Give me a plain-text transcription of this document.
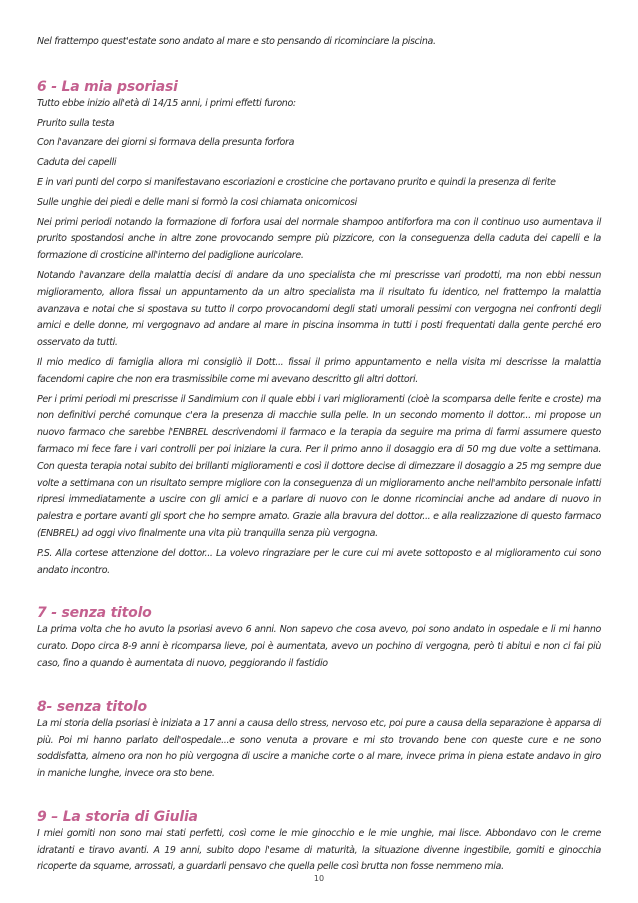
Nel frattempo quest'estate sono andato al mare e sto pensando di ricominciare la piscina.

6 - La mia psoriasi

Tutto ebbe inizio all'età di 14/15 anni, i primi effetti furono:

Prurito sulla testa

Con l'avanzare dei giorni si formava della presunta forfora

Caduta dei capelli

E in vari punti del corpo si manifestavano escoriazioni e crosticine che portavano prurito e quindi la presenza di ferite

Sulle unghie dei piedi e delle mani si formò la cosi chiamata onicomicosi

Nei primi periodi notando la formazione di forfora usai del normale shampoo antiforfora ma con il continuo uso aumentava il prurito spostandosi anche in altre zone provocando sempre più pizzicore, con la conseguenza della caduta dei capelli e la formazione di crosticine all'interno del padiglione auricolare.

Notando l'avanzare della malattia decisi di andare da uno specialista che mi prescrisse vari prodotti, ma non ebbi nessun miglioramento, allora fissai un appuntamento da un altro specialista ma il risultato fu identico, nel frattempo la malattia avanzava e notai che si spostava su tutto il corpo provocandomi degli stati umorali pessimi con vergogna nei confronti degli amici e delle donne, mi vergognavo ad andare al mare in piscina insomma in tutti i posti frequentati dalla gente perché ero osservato da tutti.

Il mio medico di famiglia allora mi consigliò il Dott... fissai il primo appuntamento e nella visita mi descrisse la malattia facendomi capire che non era trasmissibile come mi avevano descritto gli altri dottori.

Per i primi periodi mi prescrisse il Sandimium con il quale ebbi i vari miglioramenti (cioè la scomparsa delle ferite e croste) ma non definitivi perché comunque c'era la presenza di macchie sulla pelle. In un secondo momento il dottor... mi propose un nuovo farmaco che sarebbe l'ENBREL descrivendomi il farmaco e la terapia da seguire ma prima di farmi assumere questo farmaco mi fece fare i vari controlli per poi iniziare la cura. Per il primo anno il dosaggio era di 50 mg due volte a settimana. Con questa terapia notai subito dei brillanti miglioramenti e così il dottore decise di dimezzare il dosaggio a 25 mg sempre due volte a settimana con un risultato sempre migliore con la conseguenza di un miglioramento anche nell'ambito personale infatti ripresi immediatamente a uscire con gli amici e a parlare di nuovo con le donne ricominciai anche ad andare di nuovo in palestra e portare avanti gli sport che ho sempre amato. Grazie alla bravura del dottor... e alla realizzazione di questo farmaco (ENBREL) ad oggi vivo finalmente una vita più tranquilla senza più vergogna.

P.S. Alla cortese attenzione del dottor... La volevo ringraziare per le cure cui mi avete sottoposto e al miglioramento cui sono andato incontro.

7 - senza titolo

La prima volta che ho avuto la psoriasi avevo 6 anni. Non sapevo che cosa avevo, poi sono andato in ospedale e li mi hanno curato. Dopo circa 8-9 anni è ricomparsa lieve, poi è aumentata, avevo un pochino di vergogna, però ti abitui e non ci fai più caso, fino a quando è aumentata di nuovo, peggiorando il fastidio

8- senza titolo

La mi storia della psoriasi è iniziata a 17 anni a causa dello stress, nervoso etc, poi pure a causa della separazione è apparsa di più. Poi mi hanno parlato dell'ospedale...e sono venuta a provare e mi sto trovando bene con queste cure e ne sono soddisfatta, almeno ora non ho più vergogna di uscire a maniche corte o al mare, invece prima in piena estate andavo in giro in maniche lunghe, invece ora sto bene.

9 – La storia di Giulia

I miei gomiti non sono mai stati perfetti, così come le mie ginocchio e le mie unghie, mai lisce. Abbondavo con le creme idratanti e tiravo avanti. A 19 anni, subito dopo l'esame di maturità, la situazione divenne ingestibile, gomiti e ginocchia ricoperte da squame, arrossati, a guardarli pensavo che quella pelle così brutta non fosse nemmeno mia.

10
